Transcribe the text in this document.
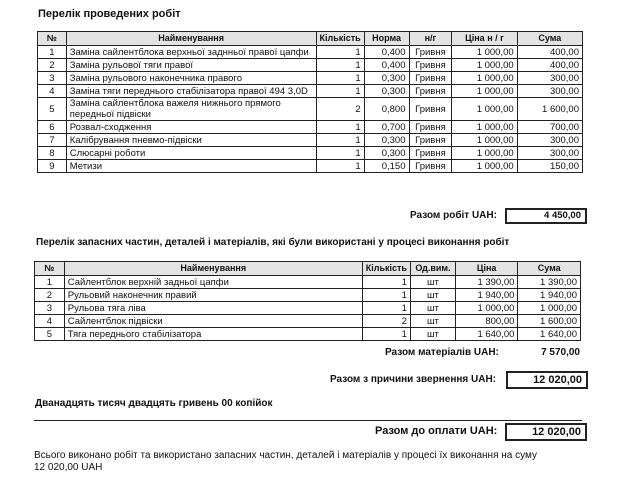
Перелік проведених робіт
№	Найменування	Кількість	Норма	н/г	Ціна н / г	Сума
1	Заміна сайлентблока верхньої заднньої правої цапфи	1	0,400	Гривня	1 000,00	400,00
2	Заміна рульової тяги правої	1	0,400	Гривня	1 000,00	400,00
3	Заміна рульового наконечника правого	1	0,300	Гривня	1 000,00	300,00
4	Заміна тяги переднього стабілізатора правої 494 3,0D	1	0,300	Гривня	1 000,00	300,00
5	Заміна сайлентблока важеля нижнього прямого передньої підвіски	2	0,800	Гривня	1 000,00	1 600,00
6	Розвал-сходження	1	0,700	Гривня	1 000,00	700,00
7	Калібрування пневмо-підвіски	1	0,300	Гривня	1 000,00	300,00
8	Слюсарні роботи	1	0,300	Гривня	1 000,00	300,00
9	Метизи	1	0,150	Гривня	1 000,00	150,00
Разом робіт UAH:	4 450,00
Перелік запасних частин, деталей і матеріалів, які були використані у процесі виконання робіт
№	Найменування	Кількість	Од.вим.	Ціна	Сума
1	Сайлентблок верхній задньої цапфи	1	шт	1 390,00	1 390,00
2	Рульовий наконечник правий	1	шт	1 940,00	1 940,00
3	Рульова тяга ліва	1	шт	1 000,00	1 000,00
4	Сайлентблок підвіски	2	шт	800,00	1 600,00
5	Тяга переднього стабілізатора	1	шт	1 640,00	1 640,00
Разом матеріалів UAH:	7 570,00
Разом з причини звернення UAH:	12 020,00
Дванадцять тисяч двадцять гривень 00 копійок
Разом до оплати UAH:	12 020,00
Всього виконано робіт та використано запасних частин, деталей і матеріалів у процесі їх виконання на суму
12 020,00 UAH
